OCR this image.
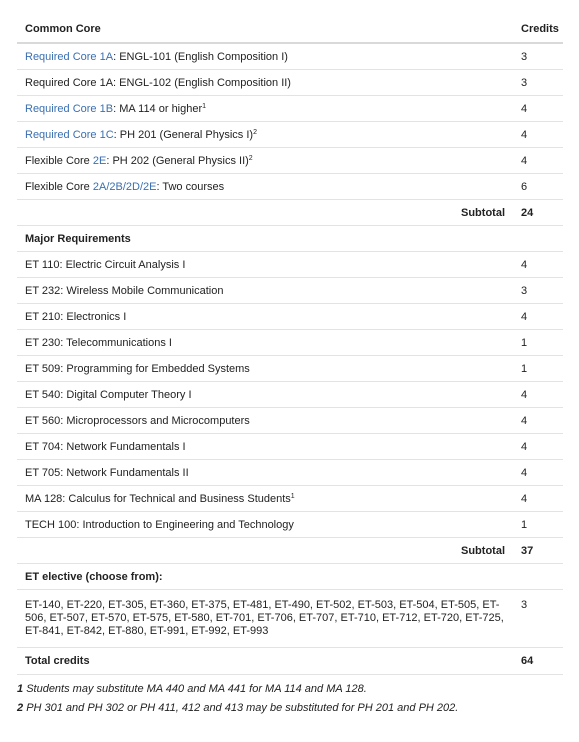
Common Core	Credits
Required Core 1A: ENGL-101 (English Composition I)	3
Required Core 1A: ENGL-102 (English Composition II)	3
Required Core 1B: MA 114 or higher$^1$	4
Required Core 1C: PH 201 (General Physics I)$^2$	4
Flexible Core 2E: PH 202 (General Physics II)$^2$	4
Flexible Core 2A/2B/2D/2E: Two courses	6
Subtotal	24
Major Requirements	
ET 110: Electric Circuit Analysis I	4
ET 232: Wireless Mobile Communication	3
ET 210: Electronics I	4
ET 230: Telecommunications I	1
ET 509: Programming for Embedded Systems	1
ET 540: Digital Computer Theory I	4
ET 560: Microprocessors and Microcomputers	4
ET 704: Network Fundamentals I	4
ET 705: Network Fundamentals II	4
MA 128: Calculus for Technical and Business Students$^1$	4
TECH 100: Introduction to Engineering and Technology	1
Subtotal	37
ET elective (choose from):	
ET-140, ET-220, ET-305, ET-360, ET-375, ET-481, ET-490, ET-502, ET-503, ET-504, ET-505, ET-506, ET-507, ET-570, ET-575, ET-580, ET-701, ET-706, ET-707, ET-710, ET-712, ET-720, ET-725, ET-841, ET-842, ET-880, ET-991, ET-992, ET-993	3
Total credits	64
1 Students may substitute MA 440 and MA 441 for MA 114 and MA 128.
2 PH 301 and PH 302 or PH 411, 412 and 413 may be substituted for PH 201 and PH 202.
